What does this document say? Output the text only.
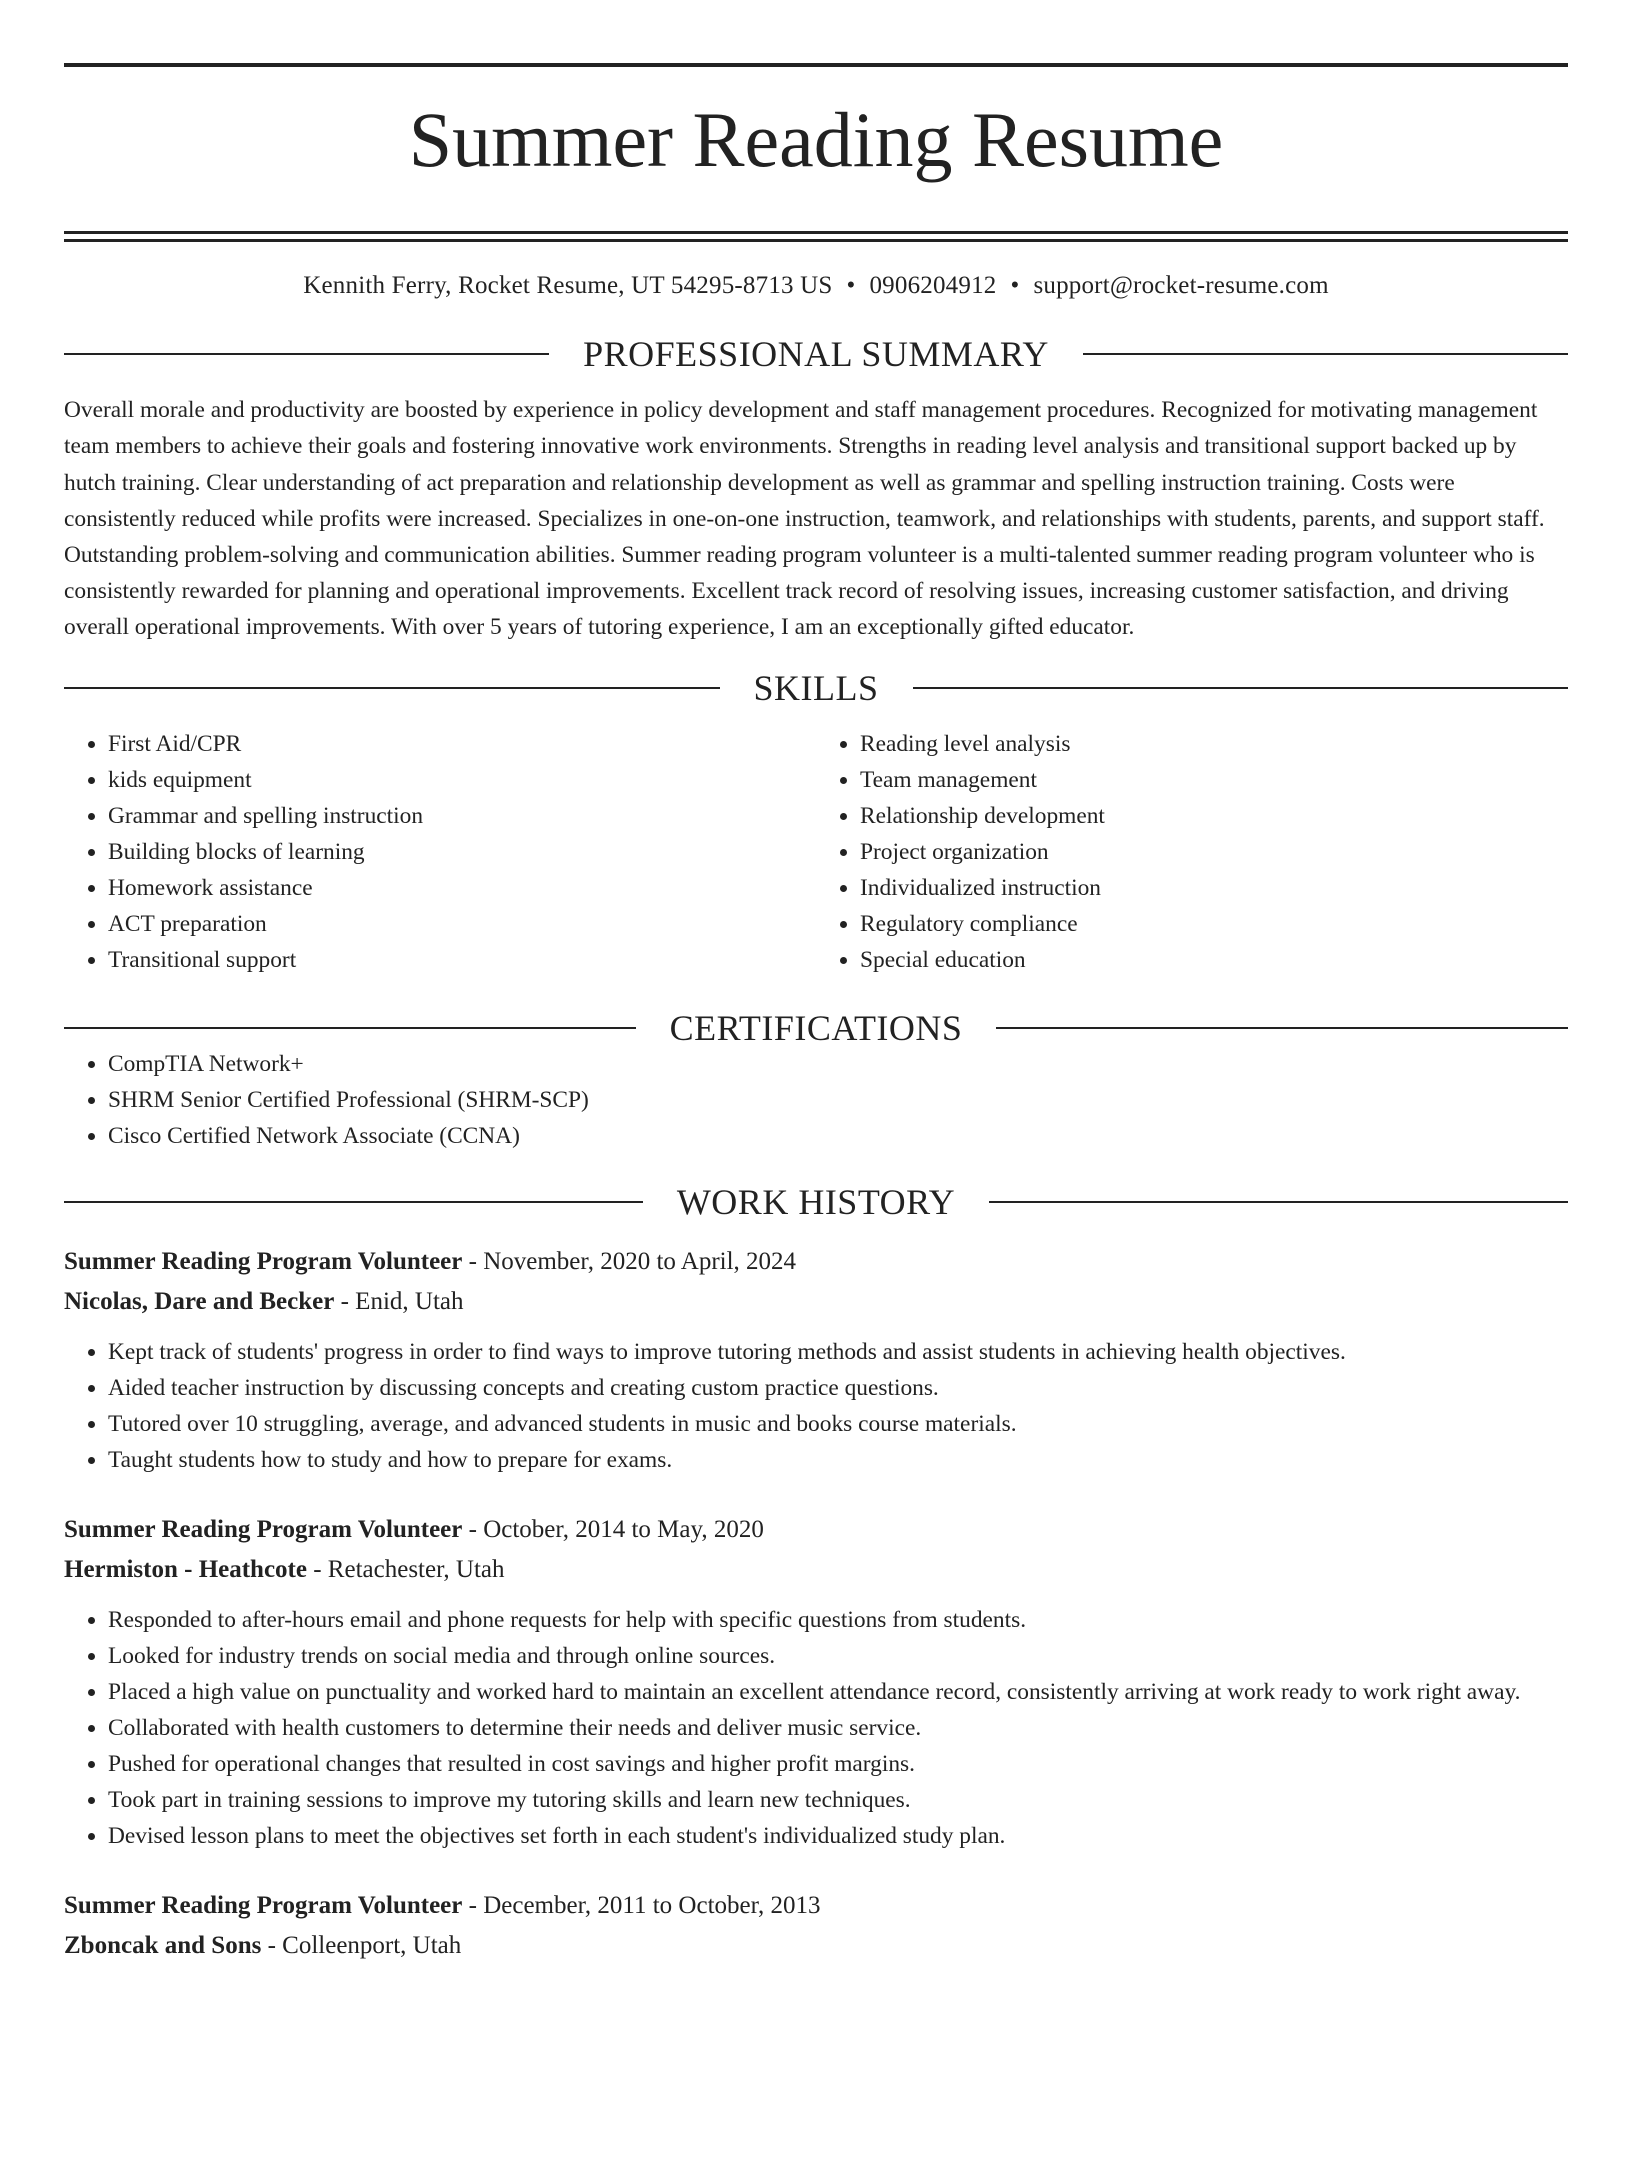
Summer Reading Resume
Kennith Ferry, Rocket Resume, UT 54295-8713 US • 0906204912 • support@rocket-resume.com
PROFESSIONAL SUMMARY

Overall morale and productivity are boosted by experience in policy development and staff management procedures. Recognized for motivating management team members to achieve their goals and fostering innovative work environments. Strengths in reading level analysis and transitional support backed up by hutch training. Clear understanding of act preparation and relationship development as well as grammar and spelling instruction training. Costs were consistently reduced while profits were increased. Specializes in one-on-one instruction, teamwork, and relationships with students, parents, and support staff. Outstanding problem-solving and communication abilities. Summer reading program volunteer is a multi-talented summer reading program volunteer who is consistently rewarded for planning and operational improvements. Excellent track record of resolving issues, increasing customer satisfaction, and driving overall operational improvements. With over 5 years of tutoring experience, I am an exceptionally gifted educator.

SKILLS
• First Aid/CPR
• kids equipment
• Grammar and spelling instruction
• Building blocks of learning
• Homework assistance
• ACT preparation
• Transitional support
• Reading level analysis
• Team management
• Relationship development
• Project organization
• Individualized instruction
• Regulatory compliance
• Special education
CERTIFICATIONS
• CompTIA Network+
• SHRM Senior Certified Professional (SHRM-SCP)
• Cisco Certified Network Associate (CCNA)
WORK HISTORY
Summer Reading Program Volunteer - November, 2020 to April, 2024
Nicolas, Dare and Becker - Enid, Utah
• Kept track of students' progress in order to find ways to improve tutoring methods and assist students in achieving health objectives.
• Aided teacher instruction by discussing concepts and creating custom practice questions.
• Tutored over 10 struggling, average, and advanced students in music and books course materials.
• Taught students how to study and how to prepare for exams.
Summer Reading Program Volunteer - October, 2014 to May, 2020
Hermiston - Heathcote - Retachester, Utah
• Responded to after-hours email and phone requests for help with specific questions from students.
• Looked for industry trends on social media and through online sources.
• Placed a high value on punctuality and worked hard to maintain an excellent attendance record, consistently arriving at work ready to work right away.
• Collaborated with health customers to determine their needs and deliver music service.
• Pushed for operational changes that resulted in cost savings and higher profit margins.
• Took part in training sessions to improve my tutoring skills and learn new techniques.
• Devised lesson plans to meet the objectives set forth in each student's individualized study plan.
Summer Reading Program Volunteer - December, 2011 to October, 2013
Zboncak and Sons - Colleenport, Utah
